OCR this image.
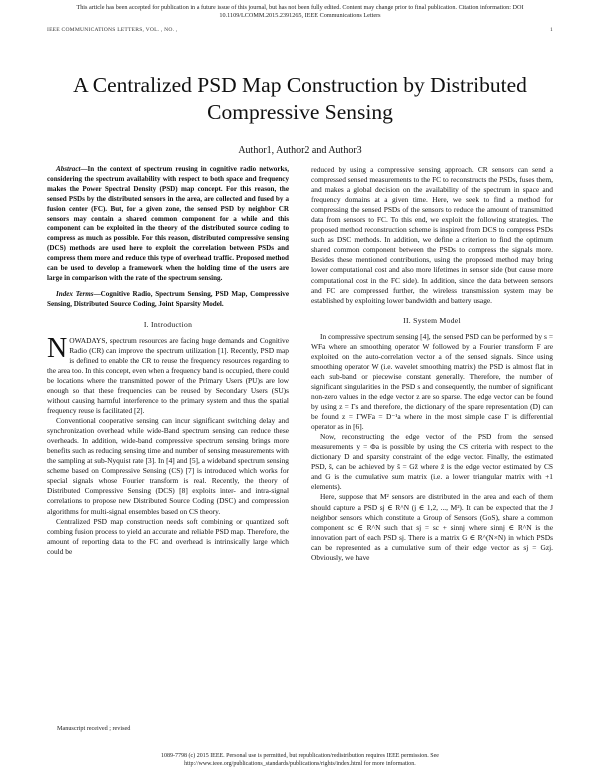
This article has been accepted for publication in a future issue of this journal, but has not been fully edited. Content may change prior to final publication. Citation information: DOI
10.1109/LCOMM.2015.2391265, IEEE Communications Letters
IEEE COMMUNICATIONS LETTERS, VOL. , NO. ,	1
A Centralized PSD Map Construction by Distributed Compressive Sensing
Author1, Author2 and Author3

Abstract—In the context of spectrum reusing in cognitive radio networks, considering the spectrum availability with respect to both space and frequency makes the Power Spectral Density (PSD) map concept. For this reason, the sensed PSDs by the distributed sensors in the area, are collected and fused by a fusion center (FC). But, for a given zone, the sensed PSD by neighbor CR sensors may contain a shared common component for a while and this component can be exploited in the theory of the distributed source coding to compress as much as possible. For this reason, distributed compressive sensing (DCS) methods are used here to exploit the correlation between PSDs and compress them more and reduce this type of overhead traffic. Proposed method can be used to develop a framework when the holding time of the users are large in comparison with the rate of the spectrum sensing.

Index Terms—Cognitive Radio, Spectrum Sensing, PSD Map, Compressive Sensing, Distributed Source Coding, Joint Sparsity Model.

I. Introduction

NOWADAYS, spectrum resources are facing huge demands and Cognitive Radio (CR) can improve the spectrum utilization [1]. Recently, PSD map is defined to enable the CR to reuse the frequency resources regarding to the area too. In this concept, even when a frequency band is occupied, there could be locations where the transmitted power of the Primary Users (PU)s are low enough so that these frequencies can be reused by Secondary Users (SU)s without causing harmful interference to the primary system and thus the spatial frequency reuse is facilitated [2].

Conventional cooperative sensing can incur significant switching delay and synchronization overhead while wide-Band spectrum sensing can reduce these overheads. In addition, wide-band compressive spectrum sensing brings more benefits such as reducing sensing time and number of sensing measurements with the sampling at sub-Nyquist rate [3]. In [4] and [5], a wideband spectrum sensing scheme based on Compressive Sensing (CS) [7] is introduced which works for special signals whose Fourier transform is real. Recently, the theory of Distributed Compressive Sensing (DCS) [8] exploits inter- and intra-signal correlations to propose new Distributed Source Coding (DSC) and compression algorithms for multi-signal ensembles based on CS theory.

Centralized PSD map construction needs soft combining or quantized soft combing fusion process to yield an accurate and reliable PSD map. Therefore, the amount of reporting data to the FC and overhead is intrinsically large which could be

reduced by using a compressive sensing approach. CR sensors can send a compressed sensed measurements to the FC to reconstructs the PSDs, fuses them, and makes a global decision on the availability of the spectrum in space and frequency domains at a given time. Here, we seek to find a method for compressing the sensed PSDs of the sensors to reduce the amount of transmitted data from sensors to FC. To this end, we exploit the following strategies. The proposed method reconstruction scheme is inspired from DCS to compress PSDs such as DSC methods. In addition, we define a criterion to find the optimum shared common component between the PSDs to compress the signals more. Besides these mentioned contributions, using the proposed method may bring lower computational cost and also more lifetimes in sensor side (but cause more computational cost in the FC side). In addition, since the data between sensors and FC are compressed further, the wireless transmission system may be established by exploiting lower bandwidth and battery usage.

II. System Model

In compressive spectrum sensing [4], the sensed PSD can be performed by s = WFa where an smoothing operator W followed by a Fourier transform F are exploited on the auto-correlation vector a of the sensed signals. Since using smoothing operator W (i.e. wavelet smoothing matrix) the PSD is almost flat in each sub-band or piecewise constant generally. Therefore, the number of significant singularities in the PSD s and consequently, the number of significant non-zero values in the edge vector z are so sparse. The edge vector can be found by using z = Γs and therefore, the dictionary of the spare representation (D) can be found z = ΓWFa = D⁻¹a where in the most simple case Γ is differential operator as in [6].

Now, reconstructing the edge vector of the PSD from the sensed measurements y = Φa is possible by using the CS criteria with respect to the dictionary D and sparsity constraint of the edge vector. Finally, the estimated PSD, ŝ, can be achieved by ŝ = Gẑ where ẑ is the edge vector estimated by CS and G is the cumulative sum matrix (i.e. a lower triangular matrix with +1 elements).

Here, suppose that M² sensors are distributed in the area and each of them should capture a PSD sj ∈ R^N (j ∈ 1,2, ..., M²). It can be expected that the J neighbor sensors which constitute a Group of Sensors (GoS), share a common component sc ∈ R^N such that sj = sc + sinnj where sinnj ∈ R^N is the innovation part of each PSD sj. There is a matrix G ∈ R^(N×N) in which PSDs can be represented as a cumulative sum of their edge vector as sj = Gzj. Obviously, we have

Manuscript received ; revised
1089-7798 (c) 2015 IEEE. Personal use is permitted, but republication/redistribution requires IEEE permission. See
http://www.ieee.org/publications_standards/publications/rights/index.html for more information.
